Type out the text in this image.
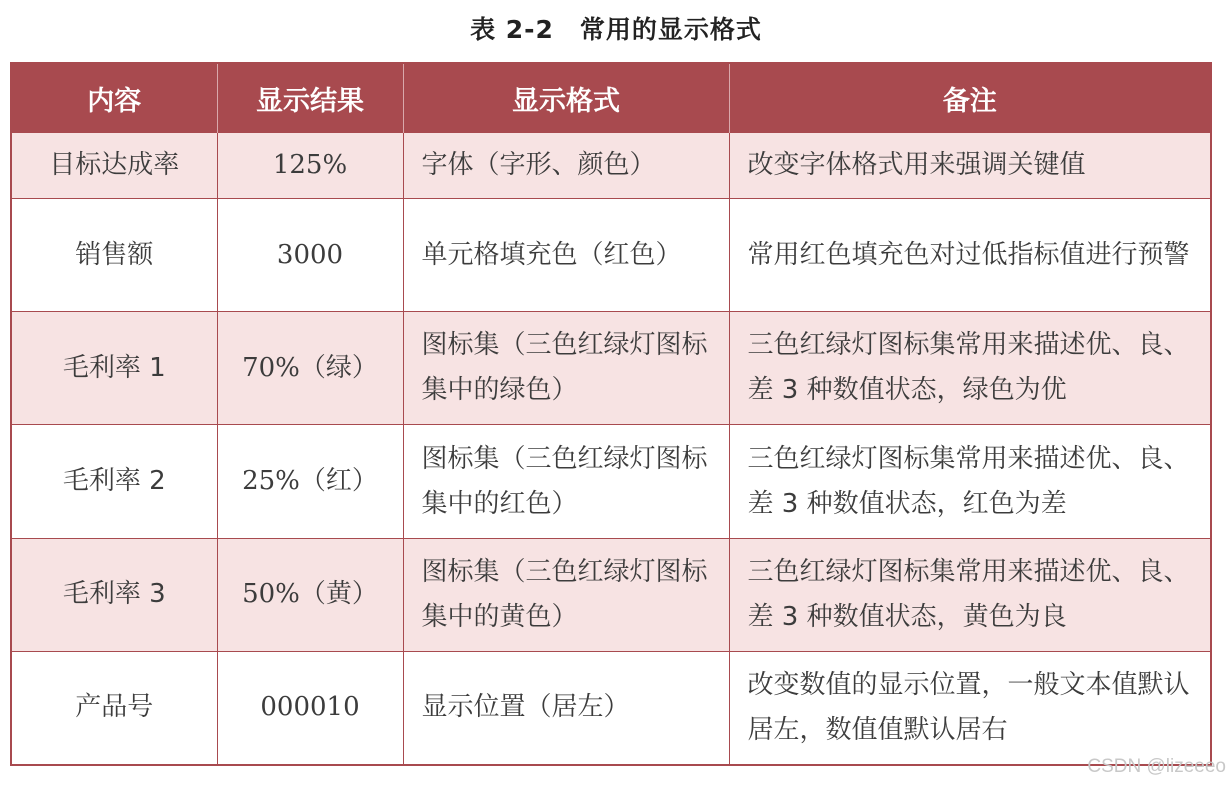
表 2-2　常用的显示格式
内容	显示结果	显示格式	备注
目标达成率	125%	字体（字形、颜色）	改变字体格式用来强调关键值
销售额	3000	单元格填充色（红色）	常用红色填充色对过低指标值进行预警
毛利率 1	70%（绿）	图标集（三色红绿灯图标集中的绿色）	三色红绿灯图标集常用来描述优、良、差 3 种数值状态，绿色为优
毛利率 2	25%（红）	图标集（三色红绿灯图标集中的红色）	三色红绿灯图标集常用来描述优、良、差 3 种数值状态，红色为差
毛利率 3	50%（黄）	图标集（三色红绿灯图标集中的黄色）	三色红绿灯图标集常用来描述优、良、差 3 种数值状态，黄色为良
产品号	000010	显示位置（居左）	改变数值的显示位置，一般文本值默认居左，数值值默认居右
CSDN @lizeeeo
